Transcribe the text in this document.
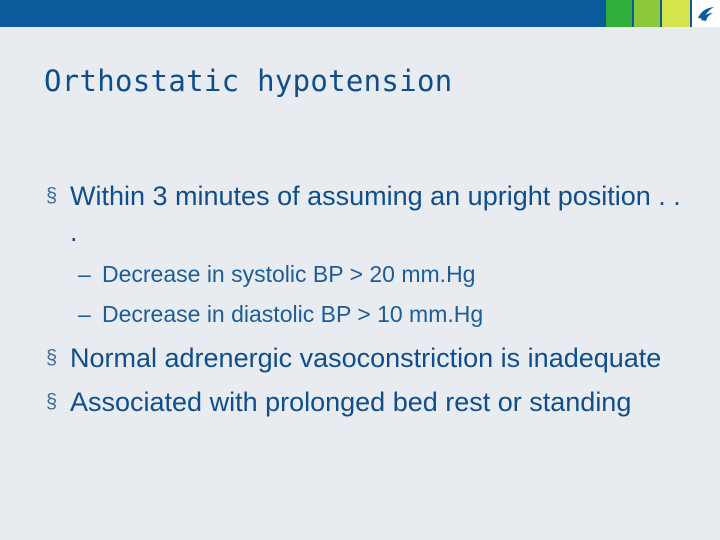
Orthostatic hypotension
§ Within 3 minutes of assuming an upright position . . .
– Decrease in systolic BP > 20 mm.Hg
– Decrease in diastolic BP > 10 mm.Hg
§ Normal adrenergic vasoconstriction is inadequate
§ Associated with prolonged bed rest or standing
